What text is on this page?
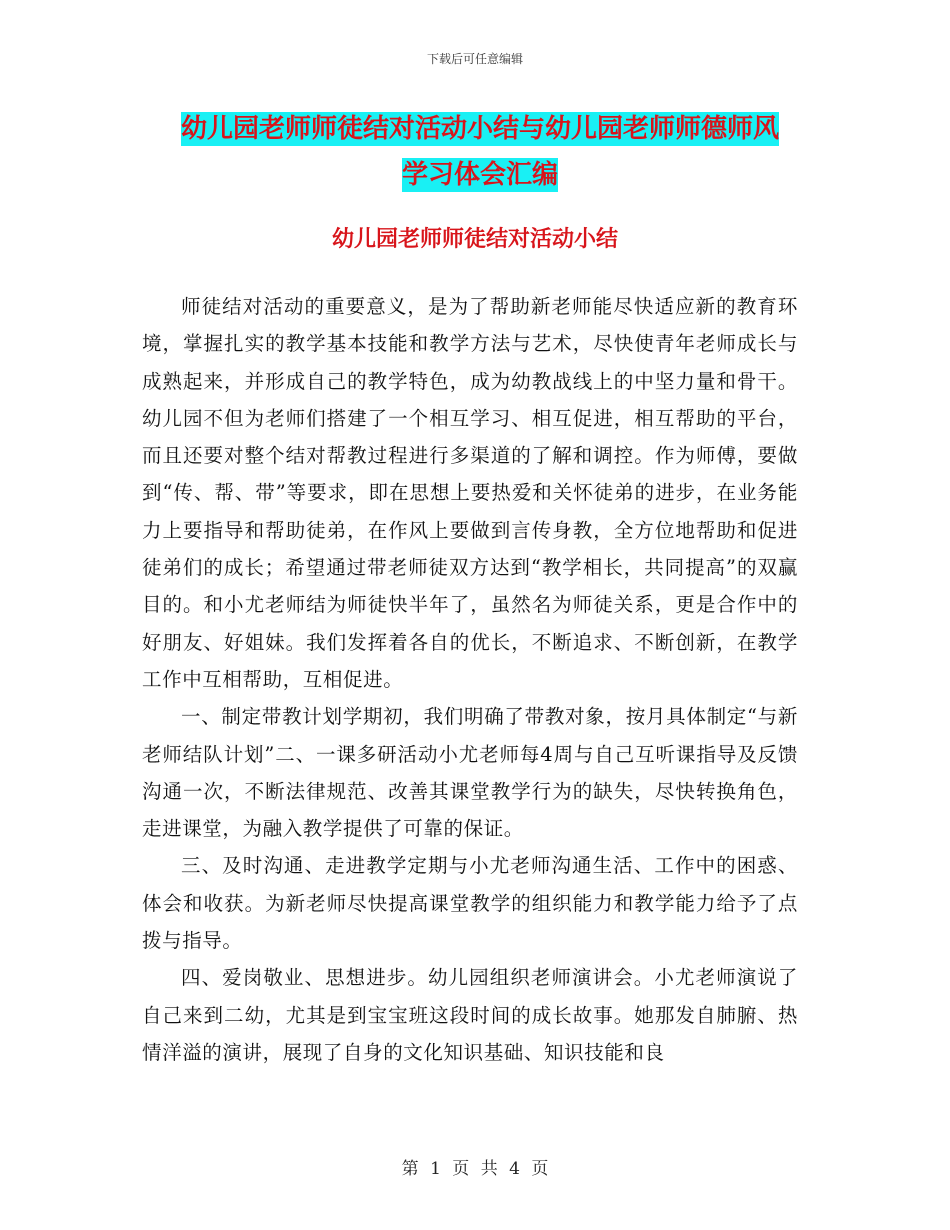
下载后可任意编辑
幼儿园老师师徒结对活动小结与幼儿园老师师德师风
学习体会汇编
幼儿园老师师徒结对活动小结

师徒结对活动的重要意义，是为了帮助新老师能尽快适应新的教育环境，掌握扎实的教学基本技能和教学方法与艺术，尽快使青年老师成长与成熟起来，并形成自己的教学特色，成为幼教战线上的中坚力量和骨干。幼儿园不但为老师们搭建了一个相互学习、相互促进，相互帮助的平台，而且还要对整个结对帮教过程进行多渠道的了解和调控。作为师傅，要做到“传、帮、带”等要求，即在思想上要热爱和关怀徒弟的进步，在业务能力上要指导和帮助徒弟，在作风上要做到言传身教，全方位地帮助和促进徒弟们的成长；希望通过带老师徒双方达到“教学相长，共同提高”的双赢目的。和小尤老师结为师徒快半年了，虽然名为师徒关系，更是合作中的好朋友、好姐妹。我们发挥着各自的优长，不断追求、不断创新，在教学工作中互相帮助，互相促进。

一、制定带教计划学期初，我们明确了带教对象，按月具体制定“与新老师结队计划”二、一课多研活动小尤老师每4周与自己互听课指导及反馈沟通一次，不断法律规范、改善其课堂教学行为的缺失，尽快转换角色，走进课堂，为融入教学提供了可靠的保证。

三、及时沟通、走进教学定期与小尤老师沟通生活、工作中的困惑、体会和收获。为新老师尽快提高课堂教学的组织能力和教学能力给予了点拨与指导。

四、爱岗敬业、思想进步。幼儿园组织老师演讲会。小尤老师演说了自己来到二幼，尤其是到宝宝班这段时间的成长故事。她那发自肺腑、热情洋溢的演讲，展现了自身的文化知识基础、知识技能和良

第 1 页 共 4 页
